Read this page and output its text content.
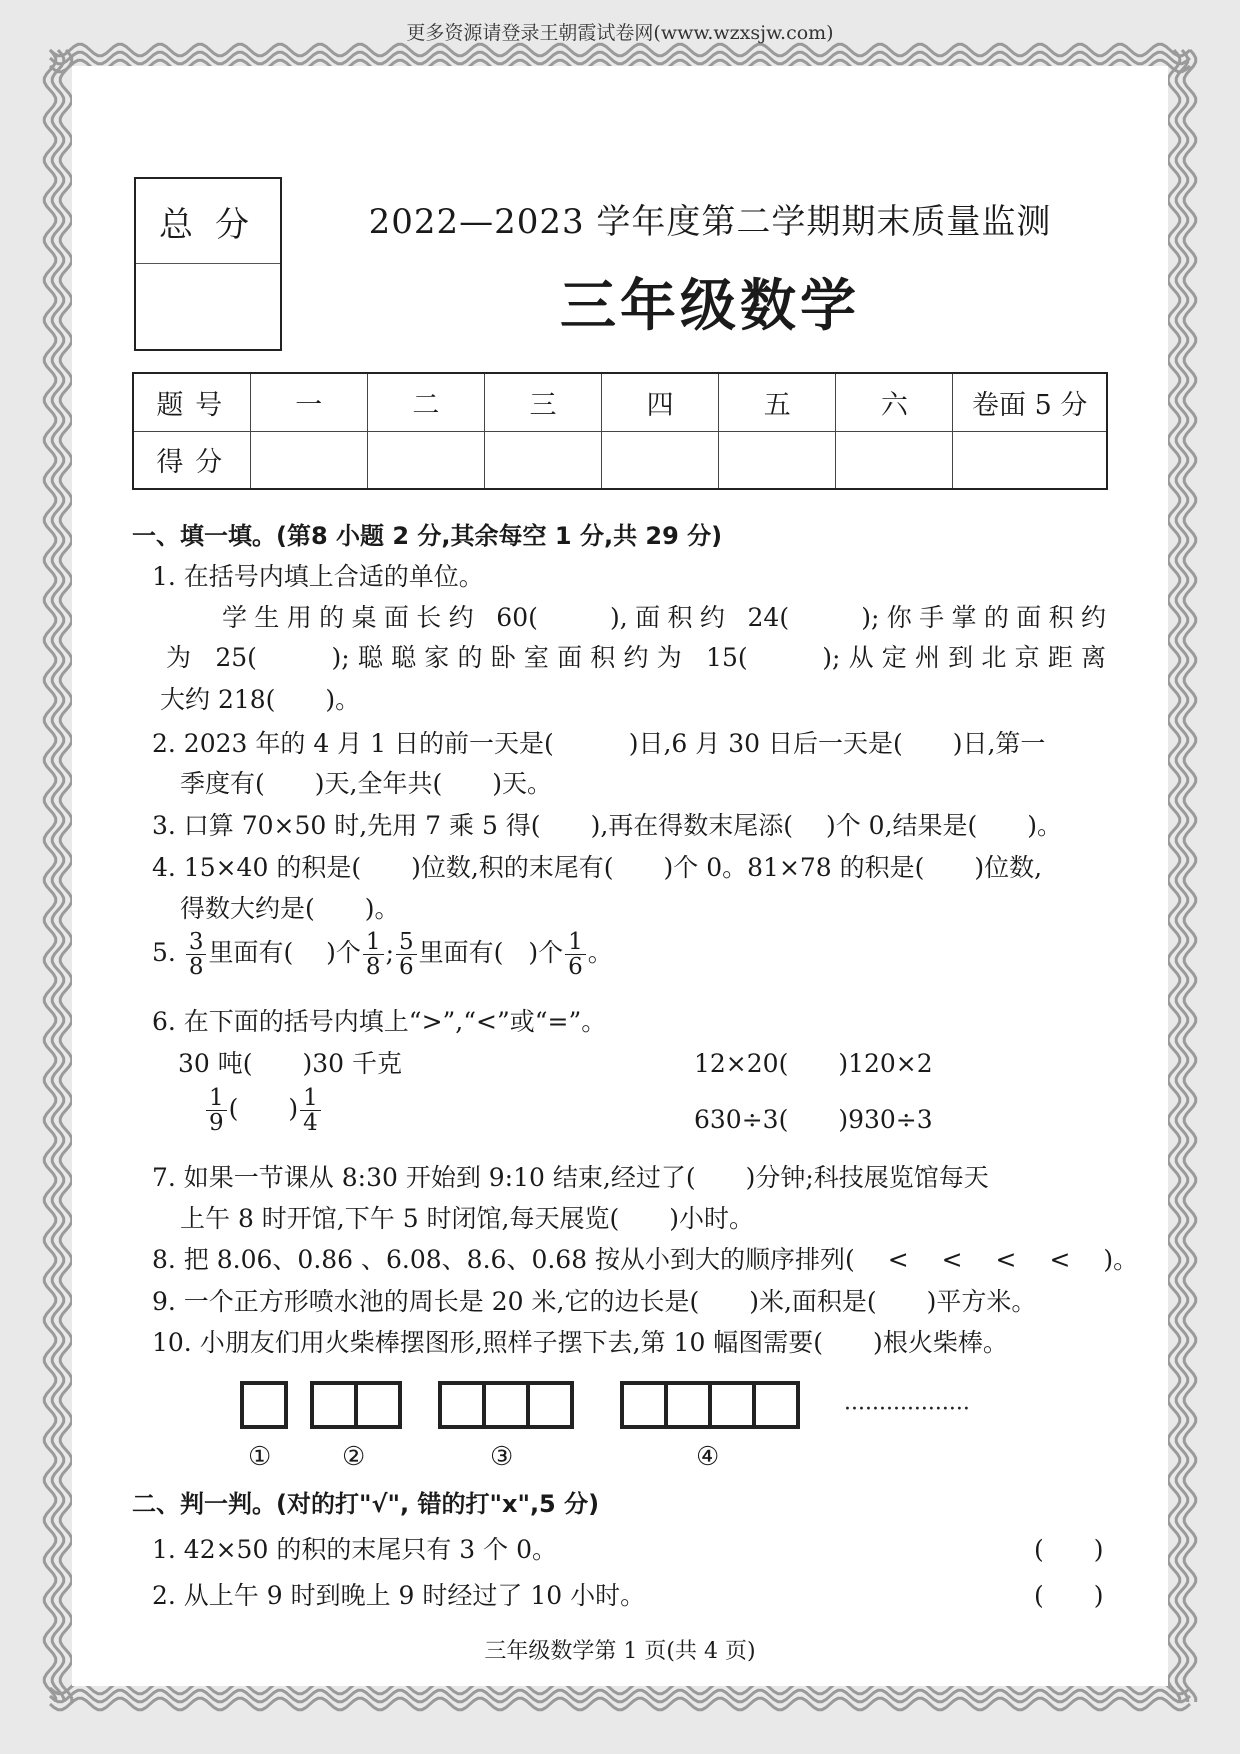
更多资源请登录王朝霞试卷网(www.wzxsjw.com)
总分	2022—2023 学年度第二学期期末质量监测
三年级数学
题号	一	二	三	四	五	六	卷面 5 分
得分							
一、填一填。(第8 小题 2 分,其余每空 1 分,共 29 分)
1. 在括号内填上合适的单位。
学生用的桌面长约 60(　　),面积约 24(　　);你手掌的面积约
为 25(　　);聪聪家的卧室面积约为 15(　　);从定州到北京距离
大约 218(　　)。
2. 2023 年的 4 月 1 日的前一天是(　　　)日,6 月 30 日后一天是(　　)日,第一
季度有(　　)天,全年共(　　)天。
3. 口算 70×50 时,先用 7 乘 5 得(　　),再在得数末尾添(　 )个 0,结果是(　　)。
4. 15×40 的积是(　　)位数,积的末尾有(　　)个 0。81×78 的积是(　　)位数,
得数大约是(　　)。
5. $\frac{3}{8}$ 里面有(　 )个 $\frac{1}{8}$ ; $\frac{5}{6}$ 里面有(　)个 $\frac{1}{6}$ 。
6. 在下面的括号内填上“>”,“<”或“=”。
30 吨(　　)30 千克	12×20(　　)120×2
$\frac{1}{9}$ (　　) $\frac{1}{4}$	630÷3(　　)930÷3
7. 如果一节课从 8:30 开始到 9:10 结束,经过了(　　)分钟;科技展览馆每天
上午 8 时开馆,下午 5 时闭馆,每天展览(　　)小时。
8. 把 8.06、0.86 、6.08、8.6、0.68 按从小到大的顺序排列(　 <　 <　 <　 <　 )。
9. 一个正方形喷水池的周长是 20 米,它的边长是(　　)米,面积是(　　)平方米。
10. 小朋友们用火柴棒摆图形,照样子摆下去,第 10 幅图需要(　　)根火柴棒。
··················
①	②	③	④
二、判一判。(对的打"√", 错的打"x",5 分)
1. 42×50 的积的末尾只有 3 个 0。	(　　)
2. 从上午 9 时到晚上 9 时经过了 10 小时。	(　　)
三年级数学第 1 页(共 4 页)
